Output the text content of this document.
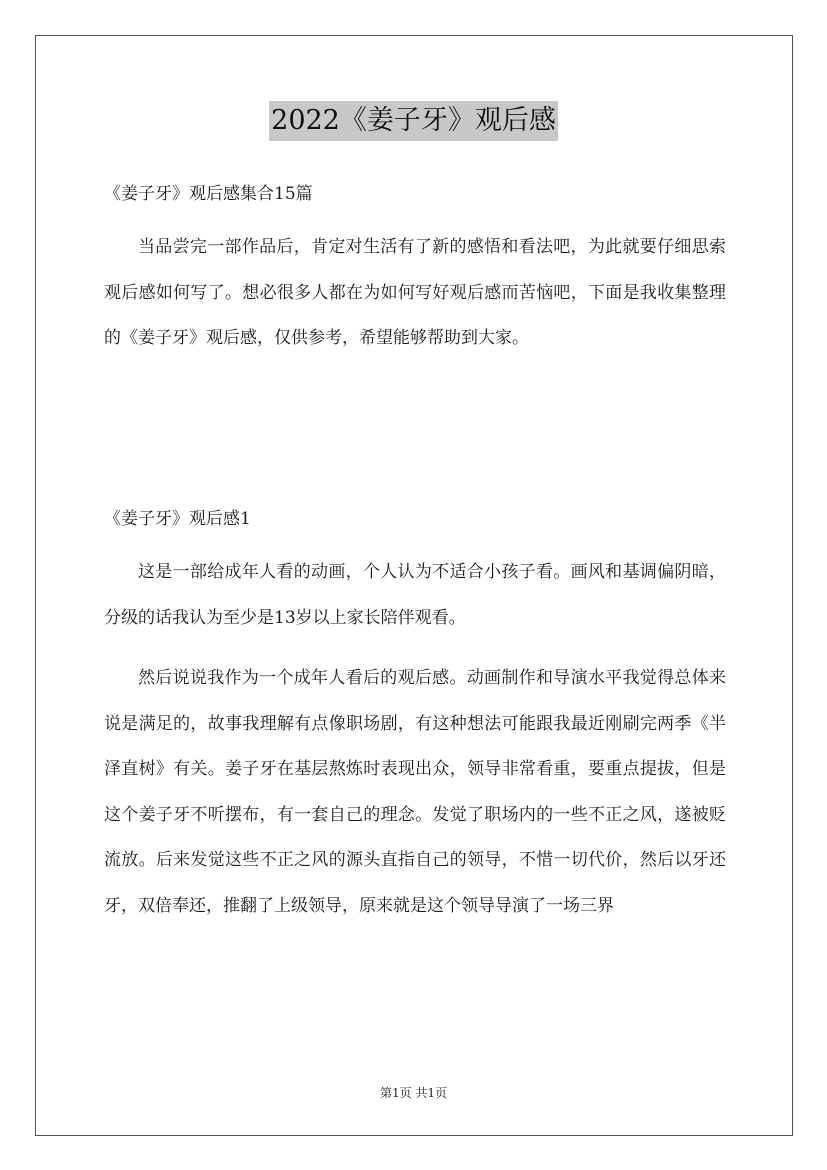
2022《姜子牙》观后感
《姜子牙》观后感集合15篇

当品尝完一部作品后，肯定对生活有了新的感悟和看法吧，为此就要仔细思索观后感如何写了。想必很多人都在为如何写好观后感而苦恼吧，下面是我收集整理的《姜子牙》观后感，仅供参考，希望能够帮助到大家。

《姜子牙》观后感1

这是一部给成年人看的动画，个人认为不适合小孩子看。画风和基调偏阴暗，分级的话我认为至少是13岁以上家长陪伴观看。

然后说说我作为一个成年人看后的观后感。动画制作和导演水平我觉得总体来说是满足的，故事我理解有点像职场剧，有这种想法可能跟我最近刚刷完两季《半泽直树》有关。姜子牙在基层熬炼时表现出众，领导非常看重，要重点提拔，但是这个姜子牙不听摆布，有一套自己的理念。发觉了职场内的一些不正之风，遂被贬流放。后来发觉这些不正之风的源头直指自己的领导，不惜一切代价，然后以牙还牙，双倍奉还，推翻了上级领导，原来就是这个领导导演了一场三界

第1页 共1页
